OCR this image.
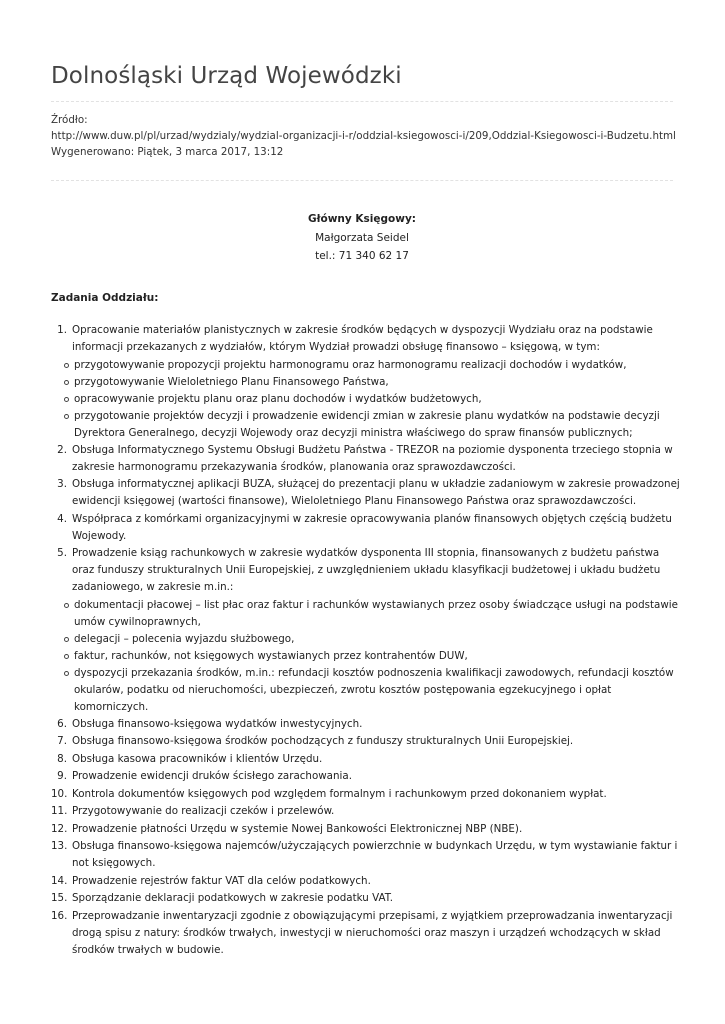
Dolnośląski Urząd Wojewódzki
Źródło:
http://www.duw.pl/pl/urzad/wydzialy/wydzial-organizacji-i-r/oddzial-ksiegowosci-i/209,Oddzial-Ksiegowosci-i-Budzetu.html
Wygenerowano: Piątek, 3 marca 2017, 13:12
Główny Księgowy:
Małgorzata Seidel
tel.: 71 340 62 17
Zadania Oddziału:
1. Opracowanie materiałów planistycznych w zakresie środków będących w dyspozycji Wydziału oraz na podstawie informacji przekazanych z wydziałów, którym Wydział prowadzi obsługę finansowo – księgową, w tym:
przygotowywanie propozycji projektu harmonogramu oraz harmonogramu realizacji dochodów i wydatków,
przygotowywanie Wieloletniego Planu Finansowego Państwa,
opracowywanie projektu planu oraz planu dochodów i wydatków budżetowych,
przygotowanie projektów decyzji i prowadzenie ewidencji zmian w zakresie planu wydatków na podstawie decyzji Dyrektora Generalnego, decyzji Wojewody oraz decyzji ministra właściwego do spraw finansów publicznych;
2. Obsługa Informatycznego Systemu Obsługi Budżetu Państwa - TREZOR na poziomie dysponenta trzeciego stopnia w zakresie harmonogramu przekazywania środków, planowania oraz sprawozdawczości.
3. Obsługa informatycznej aplikacji BUZA, służącej do prezentacji planu w układzie zadaniowym w zakresie prowadzonej ewidencji księgowej (wartości finansowe), Wieloletniego Planu Finansowego Państwa oraz sprawozdawczości.
4. Współpraca z komórkami organizacyjnymi w zakresie opracowywania planów finansowych objętych częścią budżetu Wojewody.
5. Prowadzenie ksiąg rachunkowych w zakresie wydatków dysponenta III stopnia, finansowanych z budżetu państwa oraz funduszy strukturalnych Unii Europejskiej, z uwzględnieniem układu klasyfikacji budżetowej i układu budżetu zadaniowego, w zakresie m.in.:
dokumentacji płacowej – list płac oraz faktur i rachunków wystawianych przez osoby świadczące usługi na podstawie umów cywilnoprawnych,
delegacji – polecenia wyjazdu służbowego,
faktur, rachunków, not księgowych wystawianych przez kontrahentów DUW,
dyspozycji przekazania środków, m.in.: refundacji kosztów podnoszenia kwalifikacji zawodowych, refundacji kosztów okularów, podatku od nieruchomości, ubezpieczeń, zwrotu kosztów postępowania egzekucyjnego i opłat komorniczych.
6. Obsługa finansowo-księgowa wydatków inwestycyjnych.
7. Obsługa finansowo-księgowa środków pochodzących z funduszy strukturalnych Unii Europejskiej.
8. Obsługa kasowa pracowników i klientów Urzędu.
9. Prowadzenie ewidencji druków ścisłego zarachowania.
10. Kontrola dokumentów księgowych pod względem formalnym i rachunkowym przed dokonaniem wypłat.
11. Przygotowywanie do realizacji czeków i przelewów.
12. Prowadzenie płatności Urzędu w systemie Nowej Bankowości Elektronicznej NBP (NBE).
13. Obsługa finansowo-księgowa najemców/użyczających powierzchnie w budynkach Urzędu, w tym wystawianie faktur i not księgowych.
14. Prowadzenie rejestrów faktur VAT dla celów podatkowych.
15. Sporządzanie deklaracji podatkowych w zakresie podatku VAT.
16. Przeprowadzanie inwentaryzacji zgodnie z obowiązującymi przepisami, z wyjątkiem przeprowadzania inwentaryzacji drogą spisu z natury: środków trwałych, inwestycji w nieruchomości oraz maszyn i urządzeń wchodzących w skład środków trwałych w budowie.
